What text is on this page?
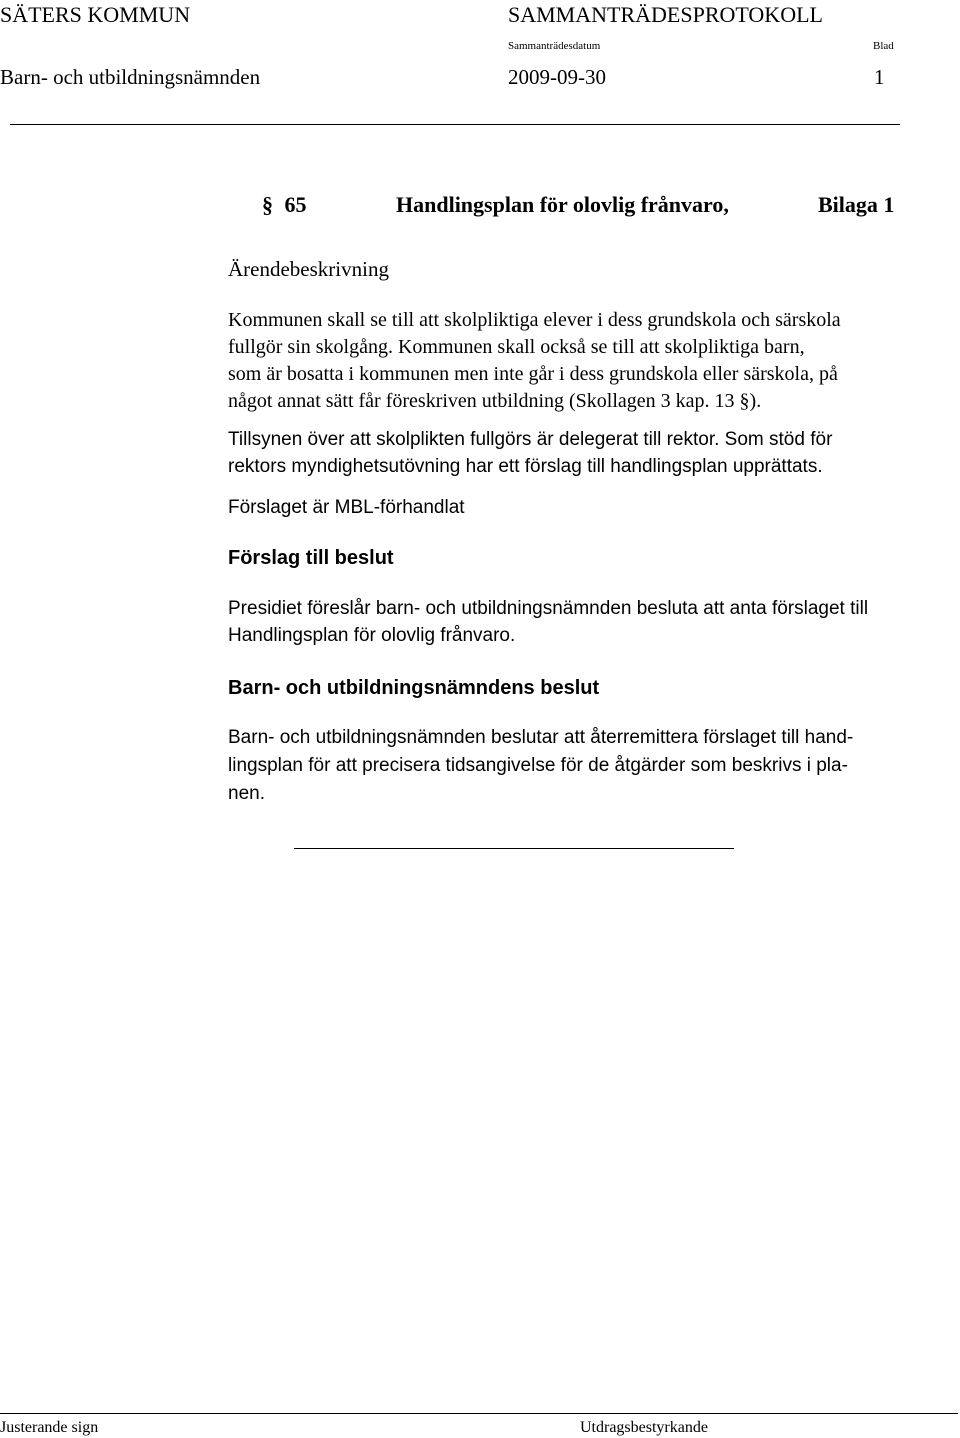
SÄTERS KOMMUN	SAMMANTRÄDESPROTOKOLL
Sammanträdesdatum	Blad
Barn- och utbildningsnämnden	2009-09-30	1
§ 65	Handlingsplan för olovlig frånvaro,	Bilaga 1
Ärendebeskrivning
Kommunen skall se till att skolpliktiga elever i dess grundskola och särskola
fullgör sin skolgång. Kommunen skall också se till att skolpliktiga barn,
som är bosatta i kommunen men inte går i dess grundskola eller särskola, på
något annat sätt får föreskriven utbildning (Skollagen 3 kap. 13 §).
Tillsynen över att skolplikten fullgörs är delegerat till rektor. Som stöd för
rektors myndighetsutövning har ett förslag till handlingsplan upprättats.
Förslaget är MBL-förhandlat
Förslag till beslut
Presidiet föreslår barn- och utbildningsnämnden besluta att anta förslaget till
Handlingsplan för olovlig frånvaro.
Barn- och utbildningsnämndens beslut
Barn- och utbildningsnämnden beslutar att återremittera förslaget till hand-
lingsplan för att precisera tidsangivelse för de åtgärder som beskrivs i pla-
nen.
Justerande sign	Utdragsbestyrkande
